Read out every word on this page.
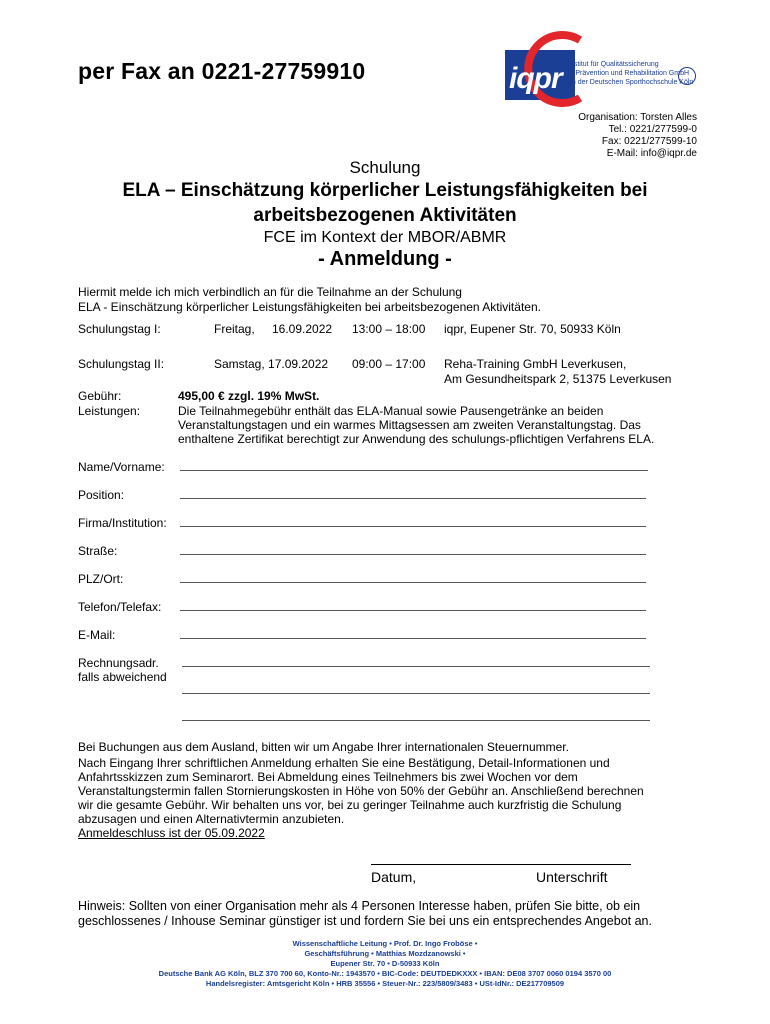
per Fax an 0221-27759910	iqpr Institut für Qualitätssicherung
in Prävention und Rehabilitation GmbH
an der Deutschen Sporthochschule Köln
Organisation: Torsten Alles
Tel.: 0221/277599-0
Fax: 0221/277599-10
E-Mail: info@iqpr.de
Schulung
ELA – Einschätzung körperlicher Leistungsfähigkeiten bei
arbeitsbezogenen Aktivitäten
FCE im Kontext der MBOR/ABMR
- Anmeldung -
Hiermit melde ich mich verbindlich an für die Teilnahme an der Schulung
ELA - Einschätzung körperlicher Leistungsfähigkeiten bei arbeitsbezogenen Aktivitäten.
Schulungstag I:	Freitag, 16.09.2022 13:00 – 18:00 iqpr, Eupener Str. 70, 50933 Köln
Schulungstag II:	Samstag, 17.09.2022 09:00 – 17:00 Reha-Training GmbH Leverkusen,
Am Gesundheitspark 2, 51375 Leverkusen
Gebühr:	495,00 € zzgl. 19% MwSt.
Leistungen:	Die Teilnahmegebühr enthält das ELA-Manual sowie Pausengetränke an beiden
Veranstaltungstagen und ein warmes Mittagsessen am zweiten Veranstaltungstag. Das
enthaltene Zertifikat berechtigt zur Anwendung des schulungs-pflichtigen Verfahrens ELA.
Name/Vorname:
Position:
Firma/Institution:
Straße:
PLZ/Ort:
Telefon/Telefax:
E-Mail:
Rechnungsadr.
falls abweichend
Bei Buchungen aus dem Ausland, bitten wir um Angabe Ihrer internationalen Steuernummer.
Nach Eingang Ihrer schriftlichen Anmeldung erhalten Sie eine Bestätigung, Detail-Informationen und
Anfahrtsskizzen zum Seminarort. Bei Abmeldung eines Teilnehmers bis zwei Wochen vor dem
Veranstaltungstermin fallen Stornierungskosten in Höhe von 50% der Gebühr an. Anschließend berechnen
wir die gesamte Gebühr. Wir behalten uns vor, bei zu geringer Teilnahme auch kurzfristig die Schulung
abzusagen und einen Alternativtermin anzubieten.
Anmeldeschluss ist der 05.09.2022
Datum,	Unterschrift
Hinweis: Sollten von einer Organisation mehr als 4 Personen Interesse haben, prüfen Sie bitte, ob ein
geschlossenes / Inhouse Seminar günstiger ist und fordern Sie bei uns ein entsprechendes Angebot an.
Wissenschaftliche Leitung • Prof. Dr. Ingo Froböse •
Geschäftsführung • Matthias Mozdzanowski •
Eupener Str. 70 • D-50933 Köln
Deutsche Bank AG Köln, BLZ 370 700 60, Konto-Nr.: 1943570 • BIC-Code: DEUTDEDKXXX • IBAN: DE08 3707 0060 0194 3570 00
Handelsregister: Amtsgericht Köln • HRB 35556 • Steuer-Nr.: 223/5809/3483 • USt-IdNr.: DE217709509
